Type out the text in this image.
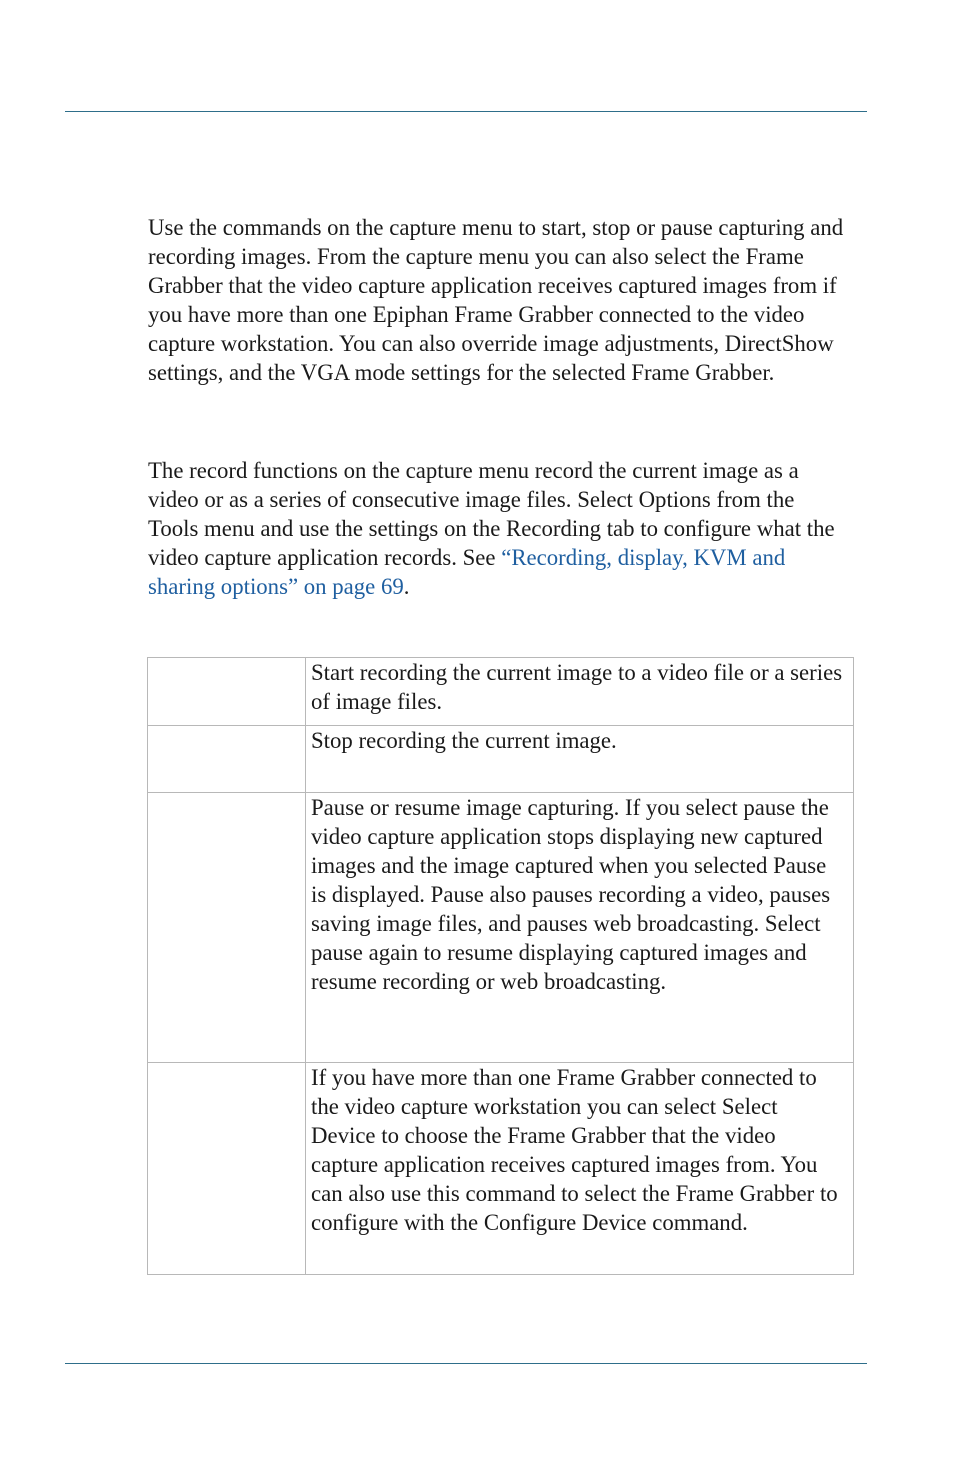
Use the commands on the capture menu to start, stop or pause capturing and recording images. From the capture menu you can also select the Frame Grabber that the video capture application receives captured images from if you have more than one Epiphan Frame Grabber connected to the video capture workstation. You can also override image adjustments, DirectShow settings, and the VGA mode settings for the selected Frame Grabber.

The record functions on the capture menu record the current image as a video or as a series of consecutive image files. Select Options from the Tools menu and use the settings on the Recording tab to configure what the video capture application records. See “Recording, display, KVM and sharing options” on page 69.

	Start recording the current image to a video file or a series of image files.
	Stop recording the current image.
	Pause or resume image capturing. If you select pause the video capture application stops displaying new captured images and the image captured when you selected Pause is displayed. Pause also pauses recording a video, pauses saving image files, and pauses web broadcasting. Select pause again to resume displaying captured images and resume recording or web broadcasting.
	If you have more than one Frame Grabber connected to the video capture workstation you can select Select Device to choose the Frame Grabber that the video capture application receives captured images from. You can also use this command to select the Frame Grabber to configure with the Configure Device command.
